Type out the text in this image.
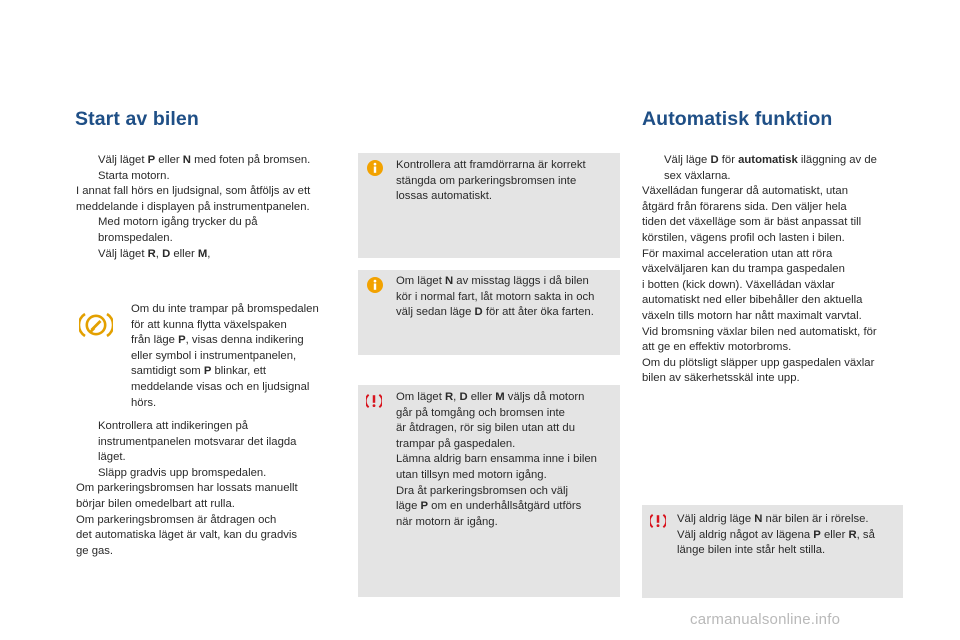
Start av bilen
Välj läget P eller N med foten på bromsen.
Starta motorn.
I annat fall hörs en ljudsignal, som åtföljs av ett
meddelande i displayen på instrumentpanelen.
Med motorn igång trycker du på
bromspedalen.
Välj läget R, D eller M,
Om du inte trampar på bromspedalen
för att kunna flytta växelspaken
från läge P, visas denna indikering
eller symbol i instrumentpanelen,
samtidigt som P blinkar, ett
meddelande visas och en ljudsignal
hörs.
Kontrollera att indikeringen på
instrumentpanelen motsvarar det ilagda
läget.
Släpp gradvis upp bromspedalen.
Om parkeringsbromsen har lossats manuellt
börjar bilen omedelbart att rulla.
Om parkeringsbromsen är åtdragen och
det automatiska läget är valt, kan du gradvis
ge gas.
Kontrollera att framdörrarna är korrekt
stängda om parkeringsbromsen inte
lossas automatiskt.
Om läget N av misstag läggs i då bilen
kör i normal fart, låt motorn sakta in och
välj sedan läge D för att åter öka farten.
Om läget R, D eller M väljs då motorn
går på tomgång och bromsen inte
är åtdragen, rör sig bilen utan att du
trampar på gaspedalen.
Lämna aldrig barn ensamma inne i bilen
utan tillsyn med motorn igång.
Dra åt parkeringsbromsen och välj
läge P om en underhållsåtgärd utförs
när motorn är igång.
Automatisk funktion
Välj läge D för automatisk iläggning av de
sex växlarna.
Växelládan fungerar då automatiskt, utan
åtgärd från förarens sida. Den väljer hela
tiden det växelläge som är bäst anpassat till
körstilen, vägens profil och lasten i bilen.
För maximal acceleration utan att röra
växelväljaren kan du trampa gaspedalen
i botten (kick down). Växelládan växlar
automatiskt ned eller bibehåller den aktuella
växeln tills motorn har nått maximalt varvtal.
Vid bromsning växlar bilen ned automatiskt, för
att ge en effektiv motorbroms.
Om du plötsligt släpper upp gaspedalen växlar
bilen av säkerhetsskäl inte upp.
Välj aldrig läge N när bilen är i rörelse.
Välj aldrig något av lägena P eller R, så
länge bilen inte står helt stilla.
carmanualsonline.info
